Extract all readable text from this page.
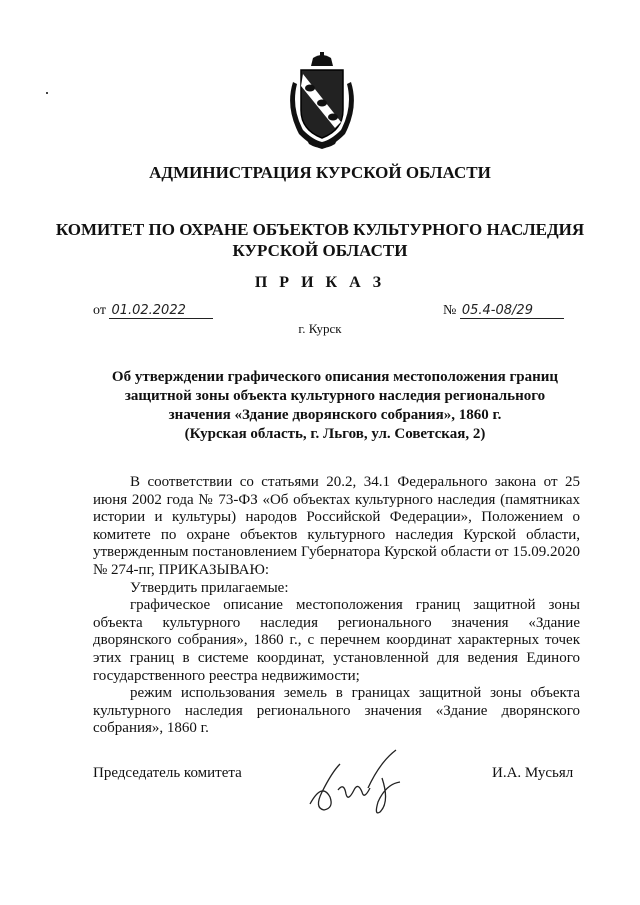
АДМИНИСТРАЦИЯ КУРСКОЙ ОБЛАСТИ
КОМИТЕТ ПО ОХРАНЕ ОБЪЕКТОВ КУЛЬТУРНОГО НАСЛЕДИЯ
КУРСКОЙ ОБЛАСТИ
П Р И К А З
от 01.02.2022	№ 05.4-08/29
г. Курск
Об утверждении графического описания местоположения границ
защитной зоны объекта культурного наследия регионального
значения «Здание дворянского собрания», 1860 г.
(Курская область, г. Льгов, ул. Советская, 2)

В соответствии со статьями 20.2, 34.1 Федерального закона от 25 июня 2002 года № 73-ФЗ «Об объектах культурного наследия (памятниках истории и культуры) народов Российской Федерации», Положением о комитете по охране объектов культурного наследия Курской области, утвержденным постановлением Губернатора Курской области от 15.09.2020 № 274-пг, ПРИКАЗЫВАЮ:

Утвердить прилагаемые:

графическое описание местоположения границ защитной зоны объекта культурного наследия регионального значения «Здание дворянского собрания», 1860 г., с перечнем координат характерных точек этих границ в системе координат, установленной для ведения Единого государственного реестра недвижимости;

режим использования земель в границах защитной зоны объекта культурного наследия регионального значения «Здание дворянского собрания», 1860 г.

Председатель комитета	И.А. Мусьял
